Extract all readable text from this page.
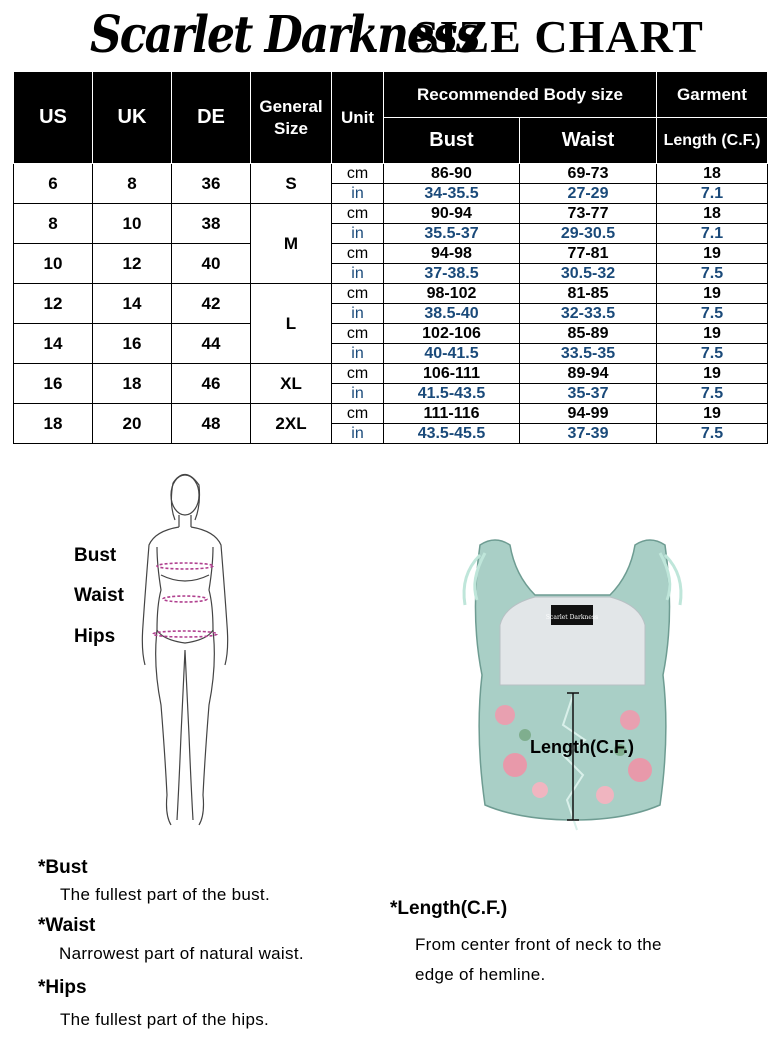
Scarlet Darkness
SIZE CHART
US	UK	DE	General Size	Unit	Recommended Body size		Garment
					Bust	Waist	Length (C.F.)
6	8	36	S	cm	86-90	69-73	18
				in	34-35.5	27-29	7.1
8	10	38	M	cm	90-94	73-77	18
				in	35.5-37	29-30.5	7.1
10	12	40		cm	94-98	77-81	19
				in	37-38.5	30.5-32	7.5
12	14	42	L	cm	98-102	81-85	19
				in	38.5-40	32-33.5	7.5
14	16	44		cm	102-106	85-89	19
				in	40-41.5	33.5-35	7.5
16	18	46	XL	cm	106-111	89-94	19
				in	41.5-43.5	35-37	7.5
18	20	48	2XL	cm	111-116	94-99	19
				in	43.5-45.5	37-39	7.5
Bust
Waist
Hips
Scarlet Darkness
Length(C.F.)
*Bust
The fullest part of the bust.
*Waist
Narrowest part of natural waist.
*Hips
The fullest part of the hips.
*Length(C.F.)
From center front of neck to the
edge of hemline.
